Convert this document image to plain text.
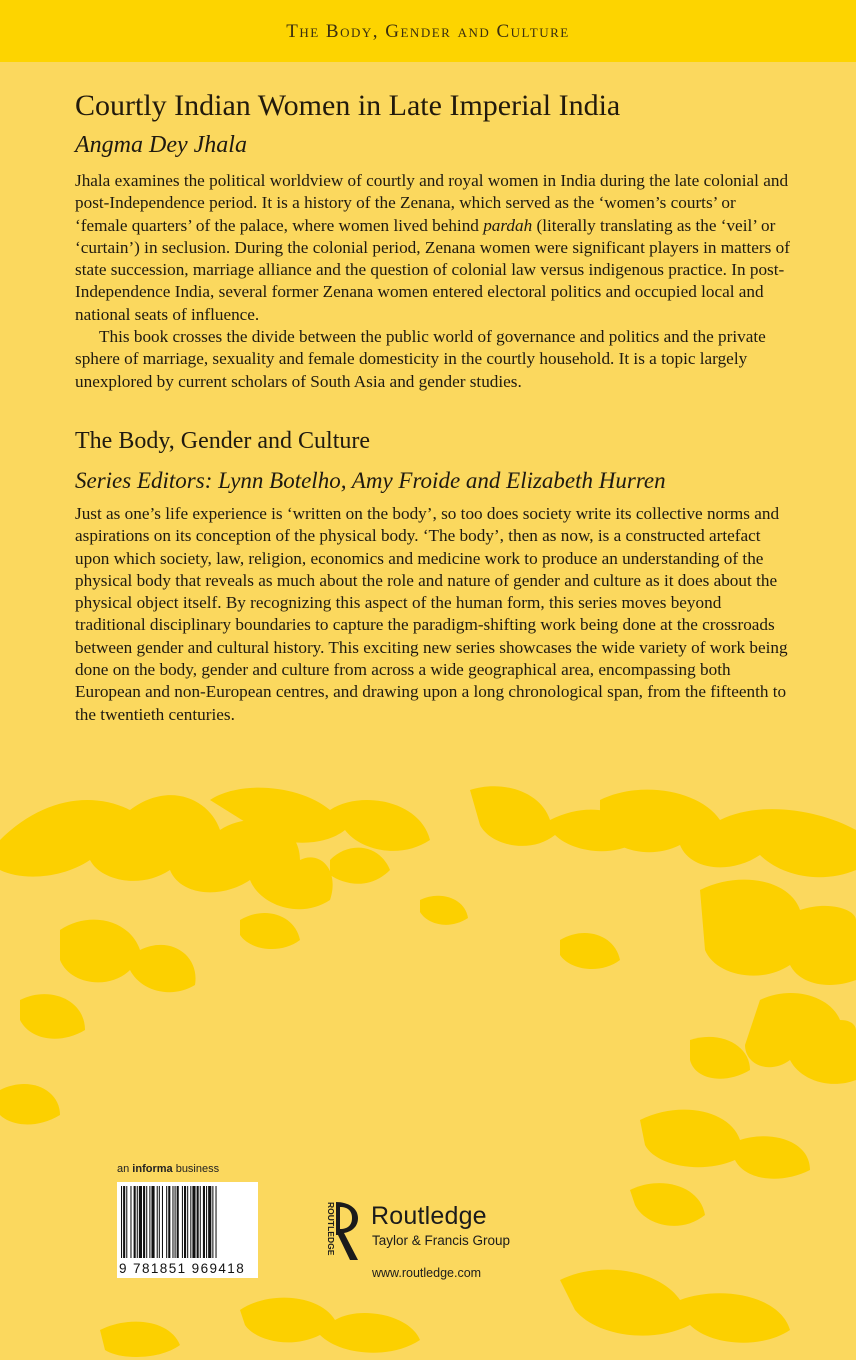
The Body, Gender and Culture
Courtly Indian Women in Late Imperial India
Angma Dey Jhala

Jhala examines the political worldview of courtly and royal women in India during the late colonial and post-Independence period. It is a history of the Zenana, which served as the ‘women’s courts’ or ‘female quarters’ of the palace, where women lived behind pardah (literally translating as the ‘veil’ or ‘curtain’) in seclusion. During the colonial period, Zenana women were significant players in matters of state succession, marriage alliance and the question of colonial law versus indigenous practice. In post-Independence India, several former Zenana women entered electoral politics and occupied local and national seats of influence.

This book crosses the divide between the public world of governance and politics and the private sphere of marriage, sexuality and female domesticity in the courtly household. It is a topic largely unexplored by current scholars of South Asia and gender studies.

The Body, Gender and Culture
Series Editors: Lynn Botelho, Amy Froide and Elizabeth Hurren

Just as one’s life experience is ‘written on the body’, so too does society write its collective norms and aspirations on its conception of the physical body. ‘The body’, then as now, is a constructed artefact upon which society, law, religion, economics and medicine work to produce an understanding of the physical body that reveals as much about the role and nature of gender and culture as it does about the physical object itself. By recognizing this aspect of the human form, this series moves beyond traditional disciplinary boundaries to capture the paradigm-shifting work being done at the crossroads between gender and cultural history. This exciting new series showcases the wide variety of work being done on the body, gender and culture from across a wide geographical area, encompassing both European and non-European centres, and drawing upon a long chronological span, from the fifteenth to the twentieth centuries.

an informa business
9 781851 969418
ROUTLEDGE Routledge
Taylor & Francis Group
www.routledge.com
